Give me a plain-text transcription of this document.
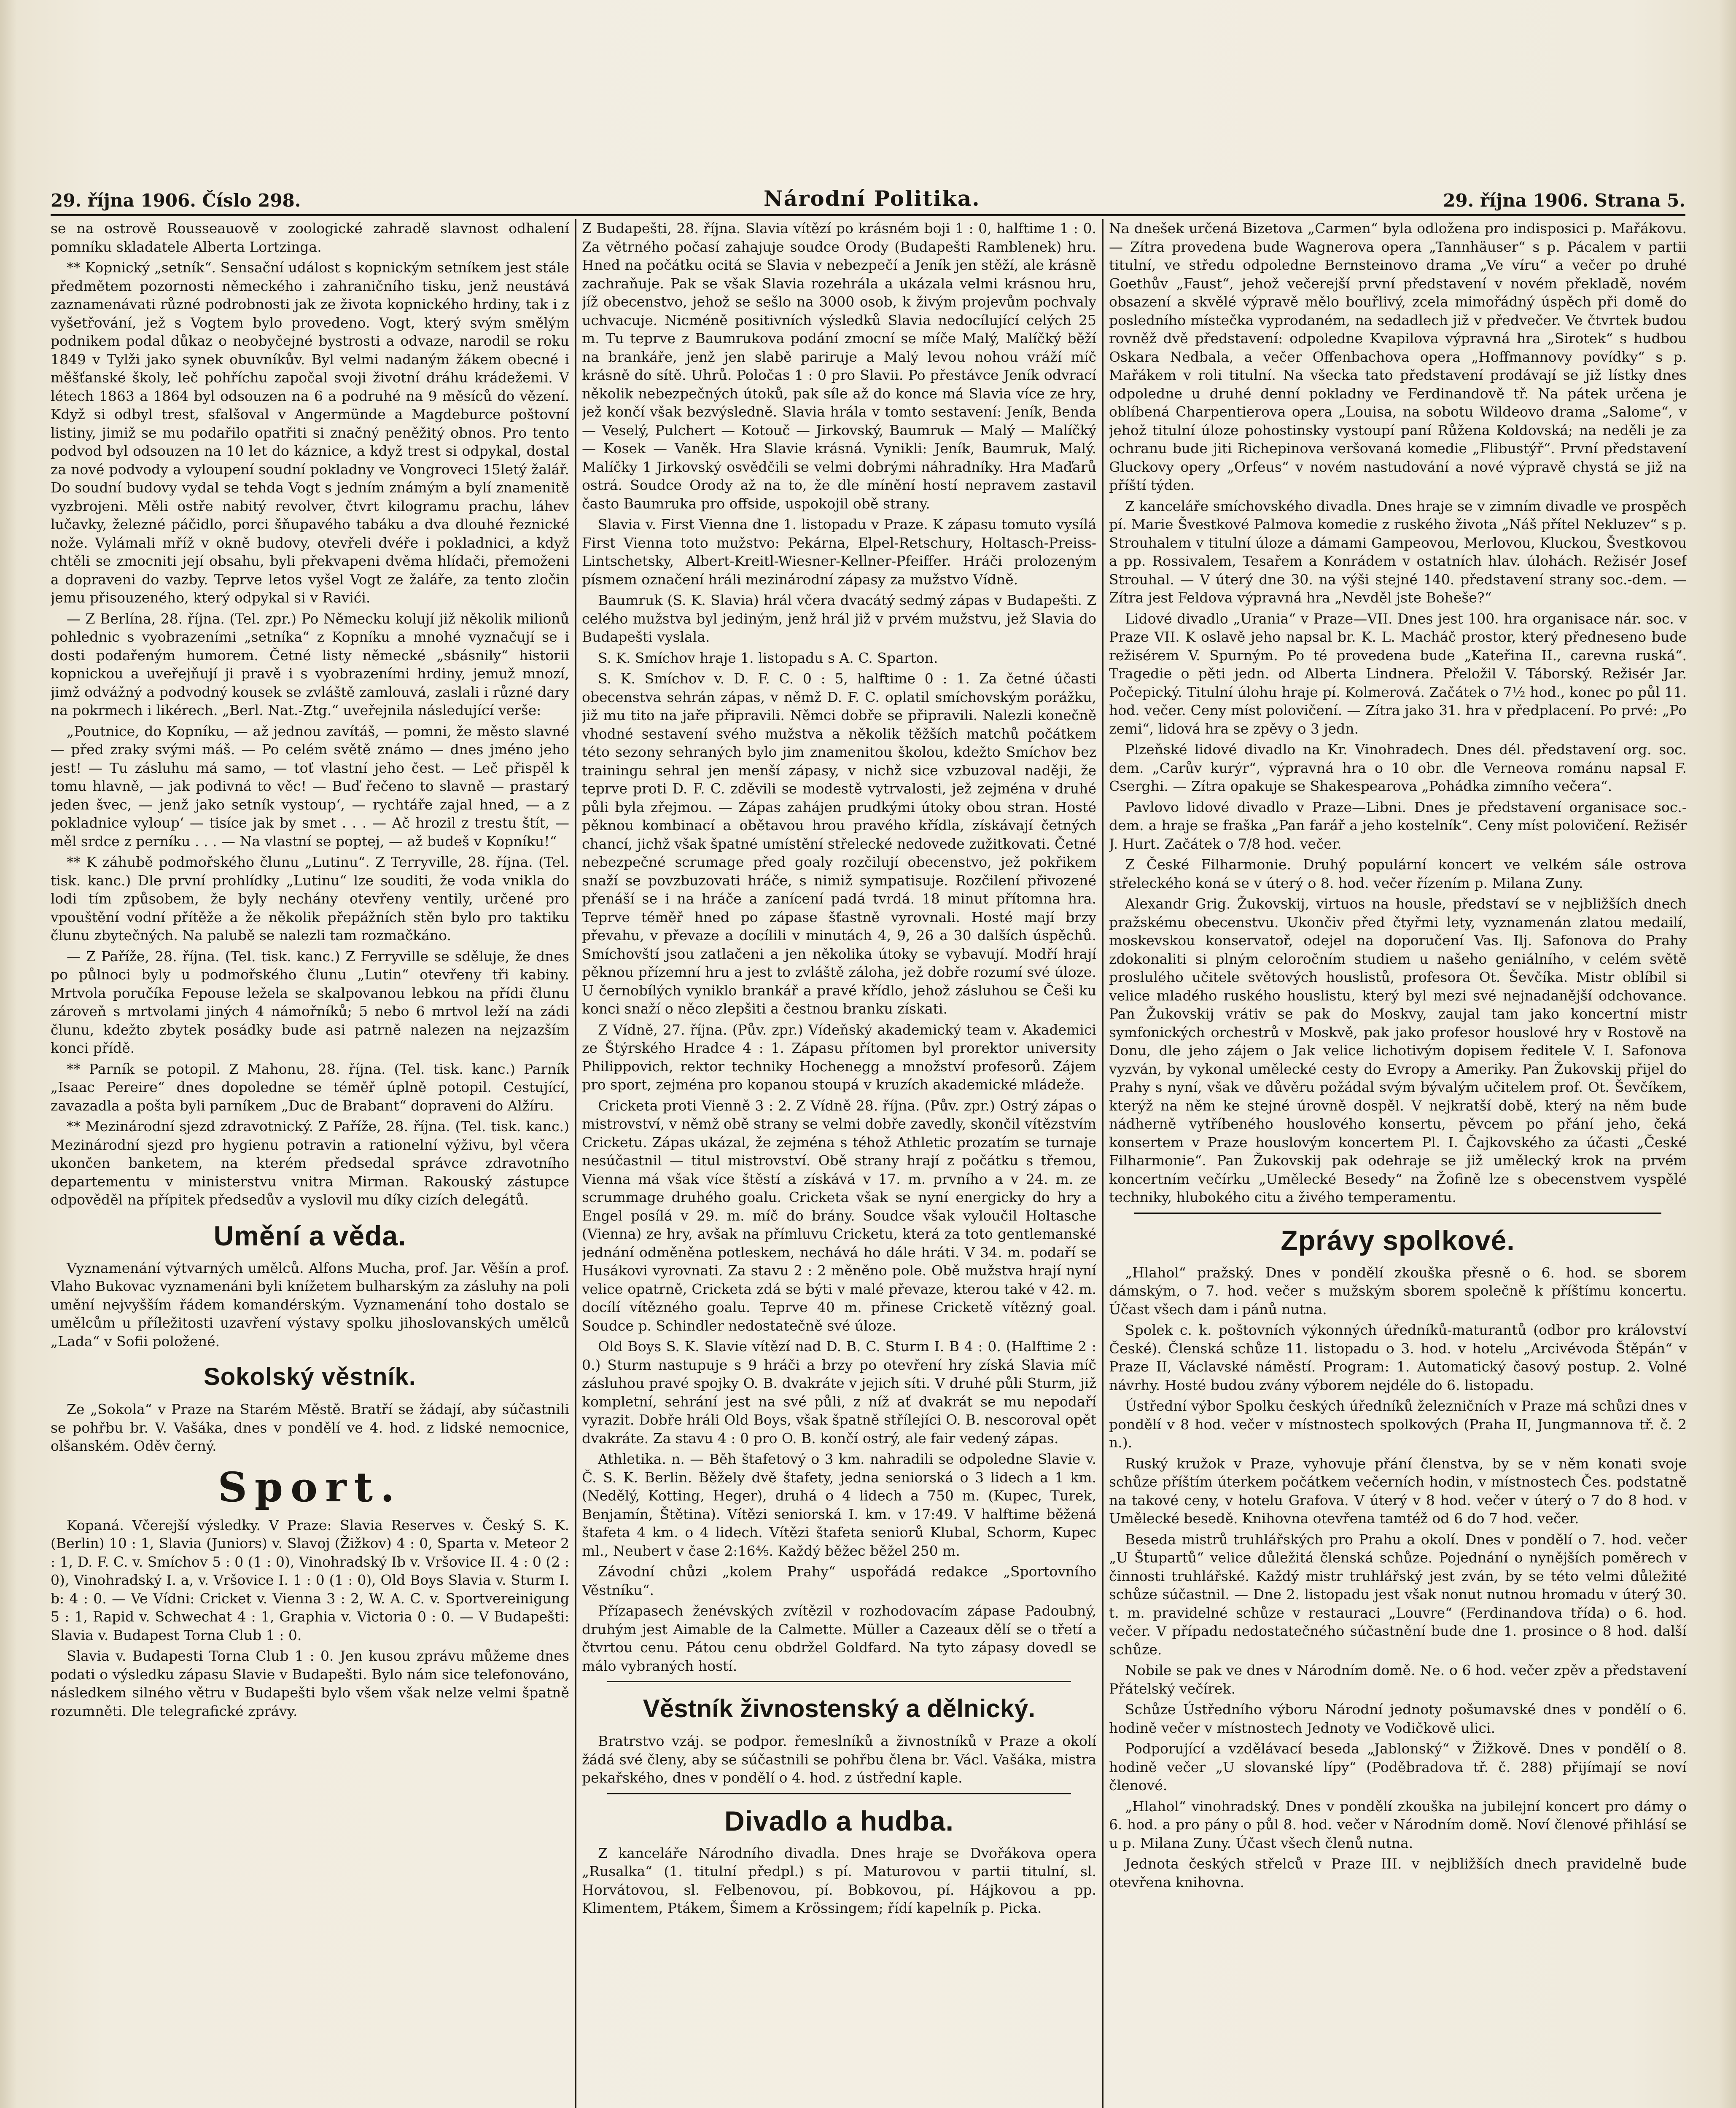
29. října 1906. Číslo 298.	Národní Politika.	29. října 1906. Strana 5.

se na ostrově Rousseauově v zoologické zahradě slavnost odhalení pomníku skladatele Alberta Lortzinga.

** Kopnický „setník“. Sensační událost s kopnickým setníkem jest stále předmětem pozornosti německého i zahraničního tisku, jenž neustává zaznamenávati různé podrobnosti jak ze života kopnického hrdiny, tak i z vyšetřování, jež s Vogtem bylo provedeno. Vogt, který svým smělým podnikem podal důkaz o neobyčejné bystrosti a odvaze, narodil se roku 1849 v Tylži jako synek obuvníkův. Byl velmi nadaným žákem obecné i měšťanské školy, leč pohříchu započal svoji životní dráhu krádežemi. V létech 1863 a 1864 byl odsouzen na 6 a podruhé na 9 měsíců do vězení. Když si odbyl trest, sfalšoval v Angermünde a Magdeburce poštovní listiny, jimiž se mu podařilo opatřiti si značný peněžitý obnos. Pro tento podvod byl odsouzen na 10 let do káznice, a když trest si odpykal, dostal za nové podvody a vyloupení soudní pokladny ve Vongroveci 15letý žalář. Do soudní budovy vydal se tehda Vogt s jedním známým a bylí znamenitě vyzbrojeni. Měli ostře nabitý revolver, čtvrt kilogramu prachu, láhev lučavky, železné páčidlo, porci šňupavého tabáku a dva dlouhé řeznické nože. Vylámali mříž v okně budovy, otevřeli dvéře i pokladnici, a když chtěli se zmocniti její obsahu, byli překvapeni dvěma hlídači, přemoženi a dopraveni do vazby. Teprve letos vyšel Vogt ze žaláře, za tento zločin jemu přisouzeného, který odpykal si v Ravići.

— Z Berlína, 28. října. (Tel. zpr.) Po Německu kolují již několik milionů pohlednic s vyobrazeními „setníka“ z Kopníku a mnohé vyznačují se i dosti podařeným humorem. Četné listy německé „sbásnily“ historii kopnickou a uveřejňují ji pravě i s vyobrazeními hrdiny, jemuž mnozí, jimž odvážný a podvodný kousek se zvláště zamlouvá, zaslali i různé dary na pokrmech i likérech. „Berl. Nat.-Ztg.“ uveřejnila následující verše:

„Poutnice, do Kopníku, — až jednou zavítáš, — pomni, že město slavné — před zraky svými máš. — Po celém světě známo — dnes jméno jeho jest! — Tu zásluhu má samo, — toť vlastní jeho čest. — Leč přispěl k tomu hlavně, — jak podivná to věc! — Buď řečeno to slavně — prastarý jeden švec, — jenž jako setník vystoup‘, — rychtáře zajal hned, — a z pokladnice vyloup‘ — tisíce jak by smet . . . — Ač hrozil z trestu štít, — měl srdce z perníku . . . — Na vlastní se poptej, — až budeš v Kopníku!“

** K záhubě podmořského člunu „Lutinu“. Z Terryville, 28. října. (Tel. tisk. kanc.) Dle první prohlídky „Lutinu“ lze souditi, že voda vnikla do lodi tím způsobem, že byly nechány otevřeny ventily, určené pro vpouštění vodní přítěže a že několik přepážních stěn bylo pro taktiku člunu zbytečných. Na palubě se nalezli tam rozmačkáno.

— Z Paříže, 28. října. (Tel. tisk. kanc.) Z Ferryville se sděluje, že dnes po půlnoci byly u podmořského člunu „Lutin“ otevřeny tři kabiny. Mrtvola poručíka Fepouse ležela se skalpovanou lebkou na přídi člunu zároveň s mrtvolami jiných 4 námořníků; 5 nebo 6 mrtvol leží na zádi člunu, kdežto zbytek posádky bude asi patrně nalezen na nejzazším konci přídě.

** Parník se potopil. Z Mahonu, 28. října. (Tel. tisk. kanc.) Parník „Isaac Pereire“ dnes dopoledne se téměř úplně potopil. Cestující, zavazadla a pošta byli parníkem „Duc de Brabant“ dopraveni do Alžíru.

** Mezinárodní sjezd zdravotnický. Z Paříže, 28. října. (Tel. tisk. kanc.) Mezinárodní sjezd pro hygienu potravin a rationelní výživu, byl včera ukončen banketem, na kterém předsedal správce zdravotního departementu v ministerstvu vnitra Mirman. Rakouský zástupce odpověděl na přípitek předsedův a vyslovil mu díky cizích delegátů.

Umění a věda.

Vyznamenání výtvarných umělců. Alfons Mucha, prof. Jar. Věšín a prof. Vlaho Bukovac vyznamenáni byli knížetem bulharským za zásluhy na poli umění nejvyšším řádem komandérským. Vyznamenání toho dostalo se umělcům u příležitosti uzavření výstavy spolku jihoslovanských umělců „Lada“ v Sofii položené.

Sokolský věstník.

Ze „Sokola“ v Praze na Starém Městě. Bratří se žádají, aby súčastnili se pohřbu br. V. Vašáka, dnes v pondělí ve 4. hod. z lidské nemocnice, olšanském. Oděv černý.

Sport.

Kopaná. Včerejší výsledky. V Praze: Slavia Reserves v. Český S. K. (Berlin) 10 : 1, Slavia (Juniors) v. Slavoj (Žižkov) 4 : 0, Sparta v. Meteor 2 : 1, D. F. C. v. Smíchov 5 : 0 (1 : 0), Vinohradský Ib v. Vršovice II. 4 : 0 (2 : 0), Vinohradský I. a, v. Vršovice I. 1 : 0 (1 : 0), Old Boys Slavia v. Sturm I. b: 4 : 0. — Ve Vídni: Cricket v. Vienna 3 : 2, W. A. C. v. Sportvereinigung 5 : 1, Rapid v. Schwechat 4 : 1, Graphia v. Victoria 0 : 0. — V Budapešti: Slavia v. Budapest Torna Club 1 : 0.

Slavia v. Budapesti Torna Club 1 : 0. Jen kusou zprávu můžeme dnes podati o výsledku zápasu Slavie v Budapešti. Bylo nám sice telefonováno, následkem silného větru v Budapešti bylo všem však nelze velmi špatně rozumněti. Dle telegrafické zprávy.

Z Budapešti, 28. října. Slavia vítězí po krásném boji 1 : 0, halftime 1 : 0. Za větrného počasí zahajuje soudce Orody (Budapešti Ramblenek) hru. Hned na počátku ocitá se Slavia v nebezpečí a Jeník jen stěží, ale krásně zachraňuje. Pak se však Slavia rozehrála a ukázala velmi krásnou hru, jíž obecenstvo, jehož se sešlo na 3000 osob, k živým projevům pochvaly uchvacuje. Nicméně positivních výsledků Slavia nedocílující celých 25 m. Tu teprve z Baumrukova podání zmocní se míče Malý, Malíčký běží na brankáře, jenž jen slabě pariruje a Malý levou nohou vráží míč krásně do sítě. Uhrů. Poločas 1 : 0 pro Slavii. Po přestávce Jeník odvrací několik nebezpečných útoků, pak síle až do konce má Slavia více ze hry, jež končí však bezvýsledně. Slavia hrála v tomto sestavení: Jeník, Benda — Veselý, Pulchert — Kotouč — Jirkovský, Baumruk — Malý — Malíčký — Kosek — Vaněk. Hra Slavie krásná. Vynikli: Jeník, Baumruk, Malý. Malíčky 1 Jirkovský osvědčili se velmi dobrými náhradníky. Hra Maďarů ostrá. Soudce Orody až na to, že dle mínění hostí nepravem zastavil často Baumruka pro offside, uspokojil obě strany.

Slavia v. First Vienna dne 1. listopadu v Praze. K zápasu tomuto vysílá First Vienna toto mužstvo: Pekárna, Elpel-Retschury, Holtasch-Preiss-Lintschetsky, Albert-Kreitl-Wiesner-Kellner-Pfeiffer. Hráči prolozeným písmem označení hráli mezinárodní zápasy za mužstvo Vídně.

Baumruk (S. K. Slavia) hrál včera dvacátý sedmý zápas v Budapešti. Z celého mužstva byl jediným, jenž hrál již v prvém mužstvu, jež Slavia do Budapešti vyslala.

S. K. Smíchov hraje 1. listopadu s A. C. Sparton.

S. K. Smíchov v. D. F. C. 0 : 5, halftime 0 : 1. Za četné účasti obecenstva sehrán zápas, v němž D. F. C. oplatil smíchovským porážku, již mu tito na jaře připravili. Němci dobře se připravili. Nalezli konečně vhodné sestavení svého mužstva a několik těžších matchů počátkem této sezony sehraných bylo jim znamenitou školou, kdežto Smíchov bez trainingu sehral jen menší zápasy, v nichž sice vzbuzoval naději, že teprve proti D. F. C. zděvili se modestě vytrvalosti, jež zejména v druhé půli byla zřejmou. — Zápas zahájen prudkými útoky obou stran. Hosté pěknou kombinací a obětavou hrou pravého křídla, získávají četných chancí, jichž však špatné umístění střelecké nedovede zužitkovati. Četné nebezpečné scrumage před goaly rozčilují obecenstvo, jež pokřikem snaží se povzbuzovati hráče, s nimiž sympatisuje. Rozčilení přivozené přenáší se i na hráče a zanícení padá tvrdá. 18 minut přítomna hra. Teprve téměř hned po zápase šťastně vyrovnali. Hosté mají brzy převahu, v převaze a docílili v minutách 4, 9, 26 a 30 dalších úspěchů. Smíchovští jsou zatlačeni a jen několika útoky se vybavují. Modří hrají pěknou přízemní hru a jest to zvláště záloha, jež dobře rozumí své úloze. U černobílých vyniklo brankář a pravé křídlo, jehož zásluhou se Češi ku konci snaží o něco zlepšiti a čestnou branku získati.

Z Vídně, 27. října. (Pův. zpr.) Vídeňský akademický team v. Akademici ze Štýrského Hradce 4 : 1. Zápasu přítomen byl prorektor university Philippovich, rektor techniky Hochenegg a množství profesorů. Zájem pro sport, zejména pro kopanou stoupá v kruzích akademické mládeže.

Cricketa proti Vienně 3 : 2. Z Vídně 28. října. (Pův. zpr.) Ostrý zápas o mistrovství, v němž obě strany se velmi dobře zavedly, skončil vítězstvím Cricketu. Zápas ukázal, že zejména s téhož Athletic prozatím se turnaje nesúčastnil — titul mistrovství. Obě strany hrají z počátku s třemou, Vienna má však více štěstí a získává v 17. m. prvního a v 24. m. ze scrummage druhého goalu. Cricketa však se nyní energicky do hry a Engel posílá v 29. m. míč do brány. Soudce však vyloučil Holtasche (Vienna) ze hry, avšak na přímluvu Cricketu, která za toto gentlemanské jednání odměněna potleskem, nechává ho dále hráti. V 34. m. podaří se Husákovi vyrovnati. Za stavu 2 : 2 měněno pole. Obě mužstva hrají nyní velice opatrně, Cricketa zdá se býti v malé převaze, kterou také v 42. m. docílí vítězného goalu. Teprve 40 m. přinese Cricketě vítězný goal. Soudce p. Schindler nedostatečně své úloze.

Old Boys S. K. Slavie vítězí nad D. B. C. Sturm I. B 4 : 0. (Halftime 2 : 0.) Sturm nastupuje s 9 hráči a brzy po otevření hry získá Slavia míč zásluhou pravé spojky O. B. dvakráte v jejich síti. V druhé půli Sturm, již kompletní, sehrání jest na své půli, z níž ať dvakrát se mu nepodaří vyrazit. Dobře hráli Old Boys, však špatně střílejíci O. B. nescoroval opět dvakráte. Za stavu 4 : 0 pro O. B. končí ostrý, ale fair vedený zápas.

Athletika. n. — Běh štafetový o 3 km. nahradili se odpoledne Slavie v. Č. S. K. Berlin. Běžely dvě štafety, jedna seniorská o 3 lidech a 1 km. (Nedělý, Kotting, Heger), druhá o 4 lidech a 750 m. (Kupec, Turek, Benjamín, Štětina). Vítězi seniorská I. km. v 17:49. V halftime běžená štafeta 4 km. o 4 lidech. Vítězi štafeta seniorů Klubal, Schorm, Kupec ml., Neubert v čase 2:16⅘. Každý běžec běžel 250 m.

Závodní chůzi „kolem Prahy“ uspořádá redakce „Sportovního Věstníku“.

Přízapasech ženévských zvítězil v rozhodovacím zápase Padoubný, druhým jest Aimable de la Calmette. Müller a Cazeaux dělí se o třetí a čtvrtou cenu. Pátou cenu obdržel Goldfard. Na tyto zápasy dovedl se málo vybraných hostí.

Věstník živnostenský a dělnický.

Bratrstvo vzáj. se podpor. řemeslníků a živnostníků v Praze a okolí žádá své členy, aby se súčastnili se pohřbu člena br. Václ. Vašáka, mistra pekařského, dnes v pondělí o 4. hod. z ústřední kaple.

Divadlo a hudba.

Z kanceláře Národního divadla. Dnes hraje se Dvořákova opera „Rusalka“ (1. titulní předpl.) s pí. Maturovou v partii titulní, sl. Horvátovou, sl. Felbenovou, pí. Bobkovou, pí. Hájkovou a pp. Klimentem, Ptákem, Šimem a Krössingem; řídí kapelník p. Picka.

Na dnešek určená Bizetova „Carmen“ byla odložena pro indisposici p. Mařákovu. — Zítra provedena bude Wagnerova opera „Tannhäuser“ s p. Pácalem v partii titulní, ve středu odpoledne Bernsteinovo drama „Ve víru“ a večer po druhé Goethův „Faust“, jehož večerejší první představení v novém překladě, novém obsazení a skvělé výpravě mělo bouřlivý, zcela mimořádný úspěch při domě do posledního místečka vyprodaném, na sedadlech již v předvečer. Ve čtvrtek budou rovněž dvě představení: odpoledne Kvapilova výpravná hra „Sirotek“ s hudbou Oskara Nedbala, a večer Offenbachova opera „Hoffmannovy povídky“ s p. Mařákem v roli titulní. Na všecka tato představení prodávají se již lístky dnes odpoledne u druhé denní pokladny ve Ferdinandově tř. Na pátek určena je oblíbená Charpentierova opera „Louisa, na sobotu Wildeovo drama „Salome“, v jehož titulní úloze pohostinsky vystoupí paní Růžena Koldovská; na neděli je za ochranu bude jiti Richepinova veršovaná komedie „Flibustýř“. První představení Gluckovy opery „Orfeus“ v novém nastudování a nové výpravě chystá se již na příští týden.

Z kanceláře smíchovského divadla. Dnes hraje se v zimním divadle ve prospěch pí. Marie Švestkové Palmova komedie z ruského života „Náš přítel Nekluzev“ s p. Strouhalem v titulní úloze a dámami Gampeovou, Merlovou, Kluckou, Švestkovou a pp. Rossivalem, Tesařem a Konrádem v ostatních hlav. úlohách. Režisér Josef Strouhal. — V úterý dne 30. na výši stejné 140. představení strany soc.-dem. — Zítra jest Feldova výpravná hra „Nevděl jste Boheše?“

Lidové divadlo „Urania“ v Praze—VII. Dnes jest 100. hra organisace nár. soc. v Praze VII. K oslavě jeho napsal br. K. L. Macháč prostor, který předneseno bude režisérem V. Spurným. Po té provedena bude „Kateřina II., carevna ruská“. Tragedie o pěti jedn. od Alberta Lindnera. Přeložil V. Táborský. Režisér Jar. Počepický. Titulní úlohu hraje pí. Kolmerová. Začátek o 7½ hod., konec po půl 11. hod. večer. Ceny míst polovičení. — Zítra jako 31. hra v předplacení. Po prvé: „Po zemi“, lidová hra se zpěvy o 3 jedn.

Plzeňské lidové divadlo na Kr. Vinohradech. Dnes dél. představení org. soc. dem. „Carův kurýr“, výpravná hra o 10 obr. dle Verneova románu napsal F. Cserghi. — Zítra opakuje se Shakespearova „Pohádka zimního večera“.

Pavlovo lidové divadlo v Praze—Libni. Dnes je představení organisace soc.-dem. a hraje se fraška „Pan farář a jeho kostelník“. Ceny míst polovičení. Režisér J. Hurt. Začátek o 7/8 hod. večer.

Z České Filharmonie. Druhý populární koncert ve velkém sále ostrova střeleckého koná se v úterý o 8. hod. večer řízením p. Milana Zuny.

Alexandr Grig. Žukovskij, virtuos na housle, představí se v nejbližších dnech pražskému obecenstvu. Ukončiv před čtyřmi lety, vyznamenán zlatou medailí, moskevskou konservatoř, odejel na doporučení Vas. Ilj. Safonova do Prahy zdokonaliti si plným celoročním studiem u našeho geniálního, v celém světě proslulého učitele světových houslistů, profesora Ot. Ševčíka. Mistr oblíbil si velice mladého ruského houslistu, který byl mezi své nejnadanější odchovance. Pan Žukovskij vrátiv se pak do Moskvy, zaujal tam jako koncertní mistr symfonických orchestrů v Moskvě, pak jako profesor houslové hry v Rostově na Donu, dle jeho zájem o Jak velice lichotivým dopisem ředitele V. I. Safonova vyzván, by vykonal umělecké cesty do Evropy a Ameriky. Pan Žukovskij přijel do Prahy s nyní, však ve důvěru požádal svým bývalým učitelem prof. Ot. Ševčíkem, kterýž na něm ke stejné úrovně dospěl. V nejkratší době, který na něm bude nádherně vytříbeného houslového konsertu, pěvcem po přání jeho, čeká konsertem v Praze houslovým koncertem Pl. I. Čajkovského za účasti „České Filharmonie“. Pan Žukovskij pak odehraje se již umělecký krok na prvém koncertním večírku „Umělecké Besedy“ na Žofině lze s obecenstvem vyspělé techniky, hlubokého citu a živého temperamentu.

Zprávy spolkové.

„Hlahol“ pražský. Dnes v pondělí zkouška přesně o 6. hod. se sborem dámským, o 7. hod. večer s mužským sborem společně k příštímu koncertu. Účast všech dam i pánů nutna.

Spolek c. k. poštovních výkonných úředníků-maturantů (odbor pro království České). Členská schůze 11. listopadu o 3. hod. v hotelu „Arcivévoda Štěpán“ v Praze II, Václavské náměstí. Program: 1. Automatický časový postup. 2. Volné návrhy. Hosté budou zvány výborem nejdéle do 6. listopadu.

Ústřední výbor Spolku českých úředníků železničních v Praze má schůzi dnes v pondělí v 8 hod. večer v místnostech spolkových (Praha II, Jungmannova tř. č. 2 n.).

Ruský kružok v Praze, vyhovuje přání členstva, by se v něm konati svoje schůze příštím úterkem počátkem večerních hodin, v místnostech Čes. podstatně na takové ceny, v hotelu Grafova. V úterý v 8 hod. večer v úterý o 7 do 8 hod. v Umělecké besedě. Knihovna otevřena tamtéž od 6 do 7 hod. večer.

Beseda mistrů truhlářských pro Prahu a okolí. Dnes v pondělí o 7. hod. večer „U Štupartů“ velice důležitá členská schůze. Pojednání o nynějších poměrech v činnosti truhlářské. Každý mistr truhlářský jest zván, by se této velmi důležité schůze súčastnil. — Dne 2. listopadu jest však nonut nutnou hromadu v úterý 30. t. m. pravidelné schůze v restauraci „Louvre“ (Ferdinandova třída) o 6. hod. večer. V případu nedostatečného súčastnění bude dne 1. prosince o 8 hod. další schůze.

Nobile se pak ve dnes v Národním domě. Ne. o 6 hod. večer zpěv a představení Přátelský večírek.

Schůze Ústředního výboru Národní jednoty pošumavské dnes v pondělí o 6. hodině večer v místnostech Jednoty ve Vodičkově ulici.

Podporující a vzdělávací beseda „Jablonský“ v Žižkově. Dnes v pondělí o 8. hodině večer „U slovanské lípy“ (Poděbradova tř. č. 288) přijímají se noví členové.

„Hlahol“ vinohradský. Dnes v pondělí zkouška na jubilejní koncert pro dámy o 6. hod. a pro pány o půl 8. hod. večer v Národním domě. Noví členové přihlásí se u p. Milana Zuny. Účast všech členů nutna.

Jednota českých střelců v Praze III. v nejbližších dnech pravidelně bude otevřena knihovna.
